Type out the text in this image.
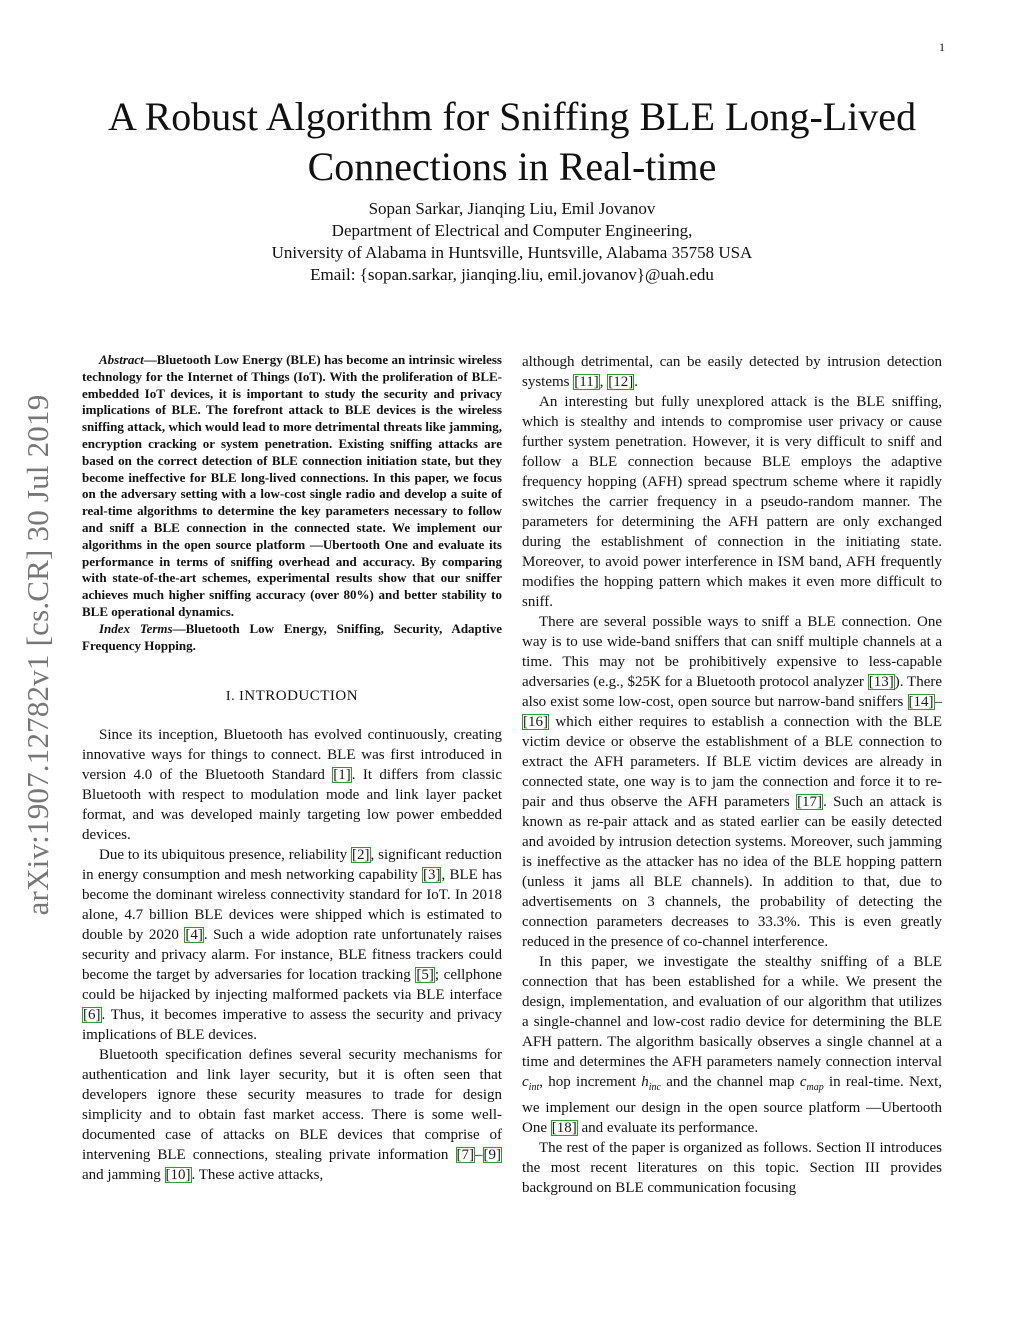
1
arXiv:1907.12782v1 [cs.CR] 30 Jul 2019
A Robust Algorithm for Sniffing BLE Long-Lived
Connections in Real-time
Sopan Sarkar, Jianqing Liu, Emil Jovanov
Department of Electrical and Computer Engineering,
University of Alabama in Huntsville, Huntsville, Alabama 35758 USA
Email: {sopan.sarkar, jianqing.liu, emil.jovanov}@uah.edu

Abstract—Bluetooth Low Energy (BLE) has become an intrinsic wireless technology for the Internet of Things (IoT). With the proliferation of BLE-embedded IoT devices, it is important to study the security and privacy implications of BLE. The forefront attack to BLE devices is the wireless sniffing attack, which would lead to more detrimental threats like jamming, encryption cracking or system penetration. Existing sniffing attacks are based on the correct detection of BLE connection initiation state, but they become ineffective for BLE long-lived connections. In this paper, we focus on the adversary setting with a low-cost single radio and develop a suite of real-time algorithms to determine the key parameters necessary to follow and sniff a BLE connection in the connected state. We implement our algorithms in the open source platform —Ubertooth One and evaluate its performance in terms of sniffing overhead and accuracy. By comparing with state-of-the-art schemes, experimental results show that our sniffer achieves much higher sniffing accuracy (over 80%) and better stability to BLE operational dynamics.

Index Terms—Bluetooth Low Energy, Sniffing, Security, Adaptive Frequency Hopping.

I. INTRODUCTION

Since its inception, Bluetooth has evolved continuously, creating innovative ways for things to connect. BLE was first introduced in version 4.0 of the Bluetooth Standard [1]. It differs from classic Bluetooth with respect to modulation mode and link layer packet format, and was developed mainly targeting low power embedded devices.

Due to its ubiquitous presence, reliability [2], significant reduction in energy consumption and mesh networking capability [3], BLE has become the dominant wireless connectivity standard for IoT. In 2018 alone, 4.7 billion BLE devices were shipped which is estimated to double by 2020 [4]. Such a wide adoption rate unfortunately raises security and privacy alarm. For instance, BLE fitness trackers could become the target by adversaries for location tracking [5]; cellphone could be hijacked by injecting malformed packets via BLE interface [6]. Thus, it becomes imperative to assess the security and privacy implications of BLE devices.

Bluetooth specification defines several security mechanisms for authentication and link layer security, but it is often seen that developers ignore these security measures to trade for design simplicity and to obtain fast market access. There is some well-documented case of attacks on BLE devices that comprise of intervening BLE connections, stealing private information [7]–[9] and jamming [10]. These active attacks,

although detrimental, can be easily detected by intrusion detection systems [11], [12].

An interesting but fully unexplored attack is the BLE sniffing, which is stealthy and intends to compromise user privacy or cause further system penetration. However, it is very difficult to sniff and follow a BLE connection because BLE employs the adaptive frequency hopping (AFH) spread spectrum scheme where it rapidly switches the carrier frequency in a pseudo-random manner. The parameters for determining the AFH pattern are only exchanged during the establishment of connection in the initiating state. Moreover, to avoid power interference in ISM band, AFH frequently modifies the hopping pattern which makes it even more difficult to sniff.

There are several possible ways to sniff a BLE connection. One way is to use wide-band sniffers that can sniff multiple channels at a time. This may not be prohibitively expensive to less-capable adversaries (e.g., $25K for a Bluetooth protocol analyzer [13]). There also exist some low-cost, open source but narrow-band sniffers [14]–[16] which either requires to establish a connection with the BLE victim device or observe the establishment of a BLE connection to extract the AFH parameters. If BLE victim devices are already in connected state, one way is to jam the connection and force it to re-pair and thus observe the AFH parameters [17]. Such an attack is known as re-pair attack and as stated earlier can be easily detected and avoided by intrusion detection systems. Moreover, such jamming is ineffective as the attacker has no idea of the BLE hopping pattern (unless it jams all BLE channels). In addition to that, due to advertisements on 3 channels, the probability of detecting the connection parameters decreases to 33.3%. This is even greatly reduced in the presence of co-channel interference.

In this paper, we investigate the stealthy sniffing of a BLE connection that has been established for a while. We present the design, implementation, and evaluation of our algorithm that utilizes a single-channel and low-cost radio device for determining the BLE AFH pattern. The algorithm basically observes a single channel at a time and determines the AFH parameters namely connection interval $c_{int}$, hop increment $h_{inc}$ and the channel map $c_{map}$ in real-time. Next, we implement our design in the open source platform —Ubertooth One [18] and evaluate its performance.

The rest of the paper is organized as follows. Section II introduces the most recent literatures on this topic. Section III provides background on BLE communication focusing
